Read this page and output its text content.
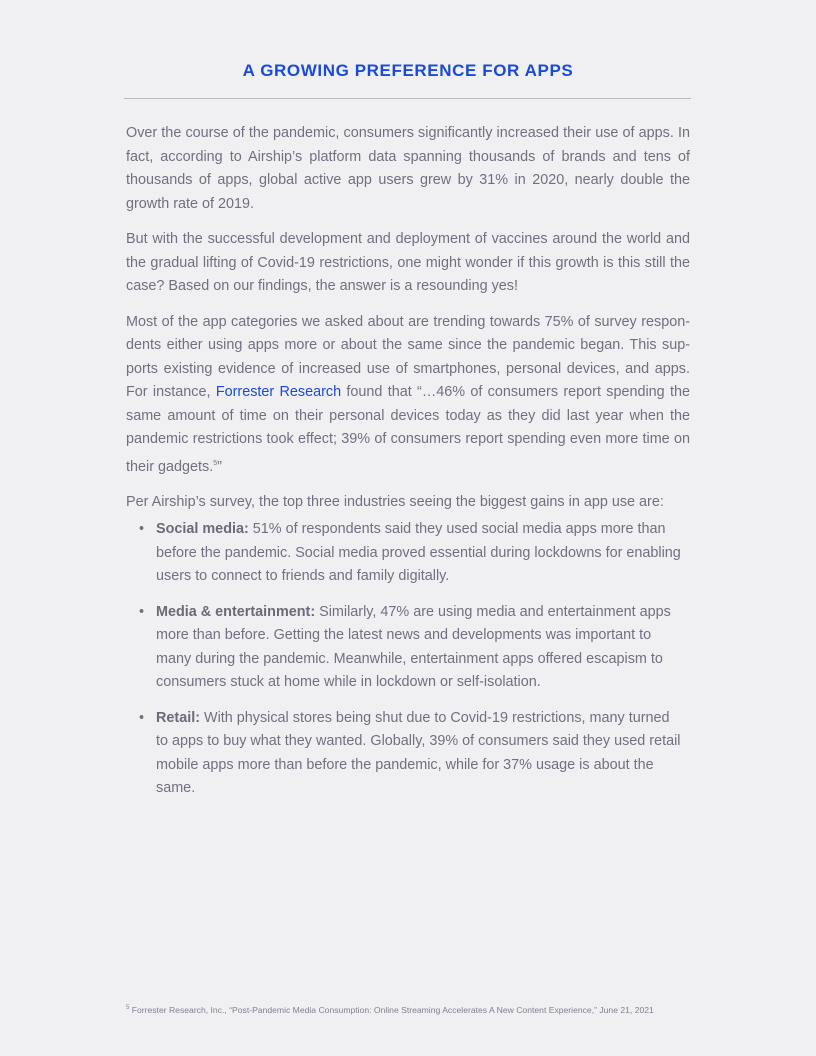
A GROWING PREFERENCE FOR APPS

Over the course of the pandemic, consumers significantly increased their use of apps. In fact, according to Airship’s platform data spanning thousands of brands and tens of thousands of apps, global active app users grew by 31% in 2020, nearly double the growth rate of 2019.

But with the successful development and deployment of vaccines around the world and the gradual lifting of Covid-19 restrictions, one might wonder if this growth is this still the case? Based on our findings, the answer is a resounding yes!

Most of the app categories we asked about are trending towards 75% of survey respon-dents either using apps more or about the same since the pandemic began. This sup-ports existing evidence of increased use of smartphones, personal devices, and apps. For instance, Forrester Research found that “…46% of consumers report spending the same amount of time on their personal devices today as they did last year when the pandemic restrictions took effect; 39% of consumers report spending even more time on their gadgets.$^5$”

Per Airship’s survey, the top three industries seeing the biggest gains in app use are:

• Social media: 51% of respondents said they used social media apps more than before the pandemic. Social media proved essential during lockdowns for enabling users to connect to friends and family digitally.
• Media & entertainment: Similarly, 47% are using media and entertainment apps more than before. Getting the latest news and developments was important to many during the pandemic. Meanwhile, entertainment apps offered escapism to consumers stuck at home while in lockdown or self-isolation.
• Retail: With physical stores being shut due to Covid-19 restrictions, many turned to apps to buy what they wanted. Globally, 39% of consumers said they used retail mobile apps more than before the pandemic, while for 37% usage is about the same.
$^5$ Forrester Research, Inc., “Post-Pandemic Media Consumption: Online Streaming Accelerates A New Content Experience,” June 21, 2021
